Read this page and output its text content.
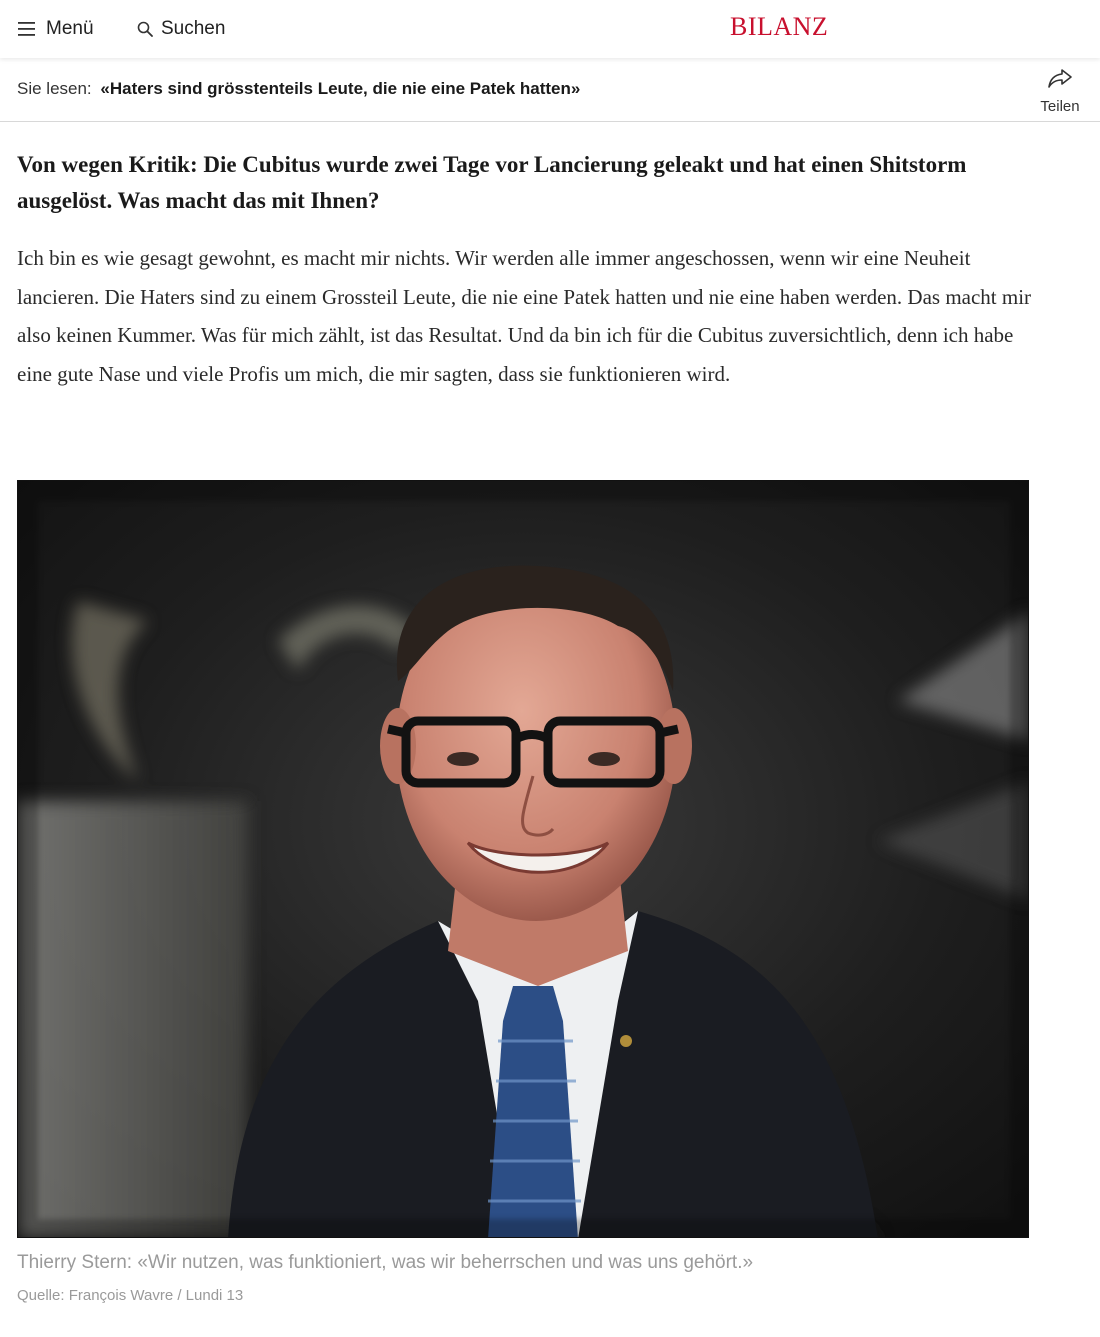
Menü	Suchen	BILANZ
Sie lesen: «Haters sind grösstenteils Leute, die nie eine Patek hatten»
Teilen
Von wegen Kritik: Die Cubitus wurde zwei Tage vor Lancierung geleakt und hat einen Shitstorm ausgelöst. Was macht das mit Ihnen?

Ich bin es wie gesagt gewohnt, es macht mir nichts. Wir werden alle immer angeschossen, wenn wir eine Neuheit lancieren. Die Haters sind zu einem Grossteil Leute, die nie eine Patek hatten und nie eine haben werden. Das macht mir also keinen Kummer. Was für mich zählt, ist das Resultat. Und da bin ich für die Cubitus zuversichtlich, denn ich habe eine gute Nase und viele Profis um mich, die mir sagten, dass sie funktionieren wird.

Thierry Stern: «Wir nutzen, was funktioniert, was wir beherrschen und was uns gehört.»
Quelle: François Wavre / Lundi 13
